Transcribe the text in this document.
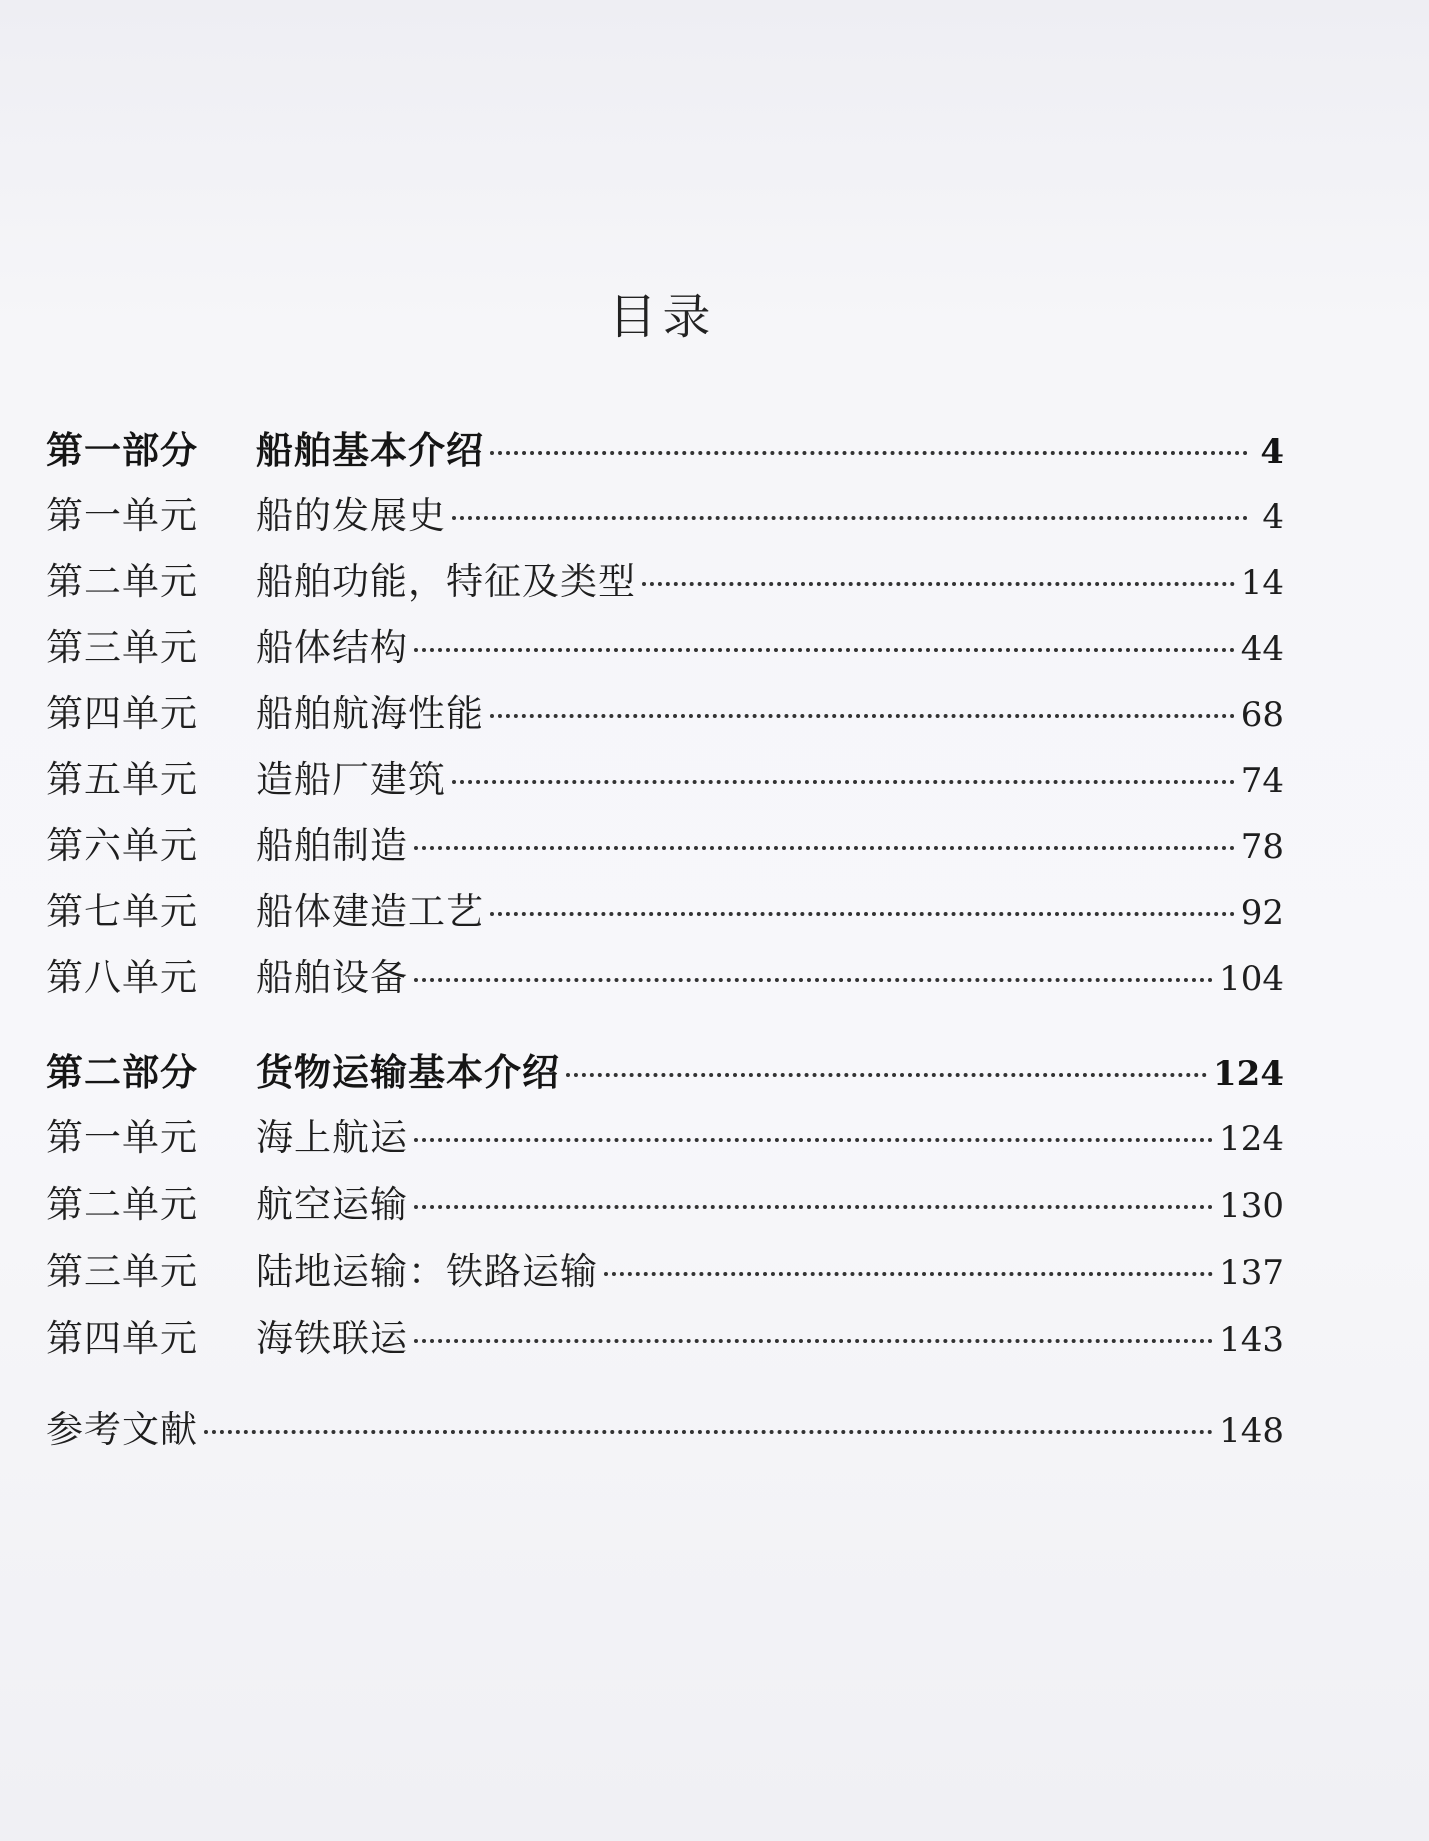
目录
第一部分	船舶基本介绍	4
第一单元	船的发展史	4
第二单元	船舶功能，特征及类型	14
第三单元	船体结构	44
第四单元	船舶航海性能	68
第五单元	造船厂建筑	74
第六单元	船舶制造	78
第七单元	船体建造工艺	92
第八单元	船舶设备	104
第二部分	货物运输基本介绍	124
第一单元	海上航运	124
第二单元	航空运输	130
第三单元	陆地运输：铁路运输	137
第四单元	海铁联运	143
参考文献	148
